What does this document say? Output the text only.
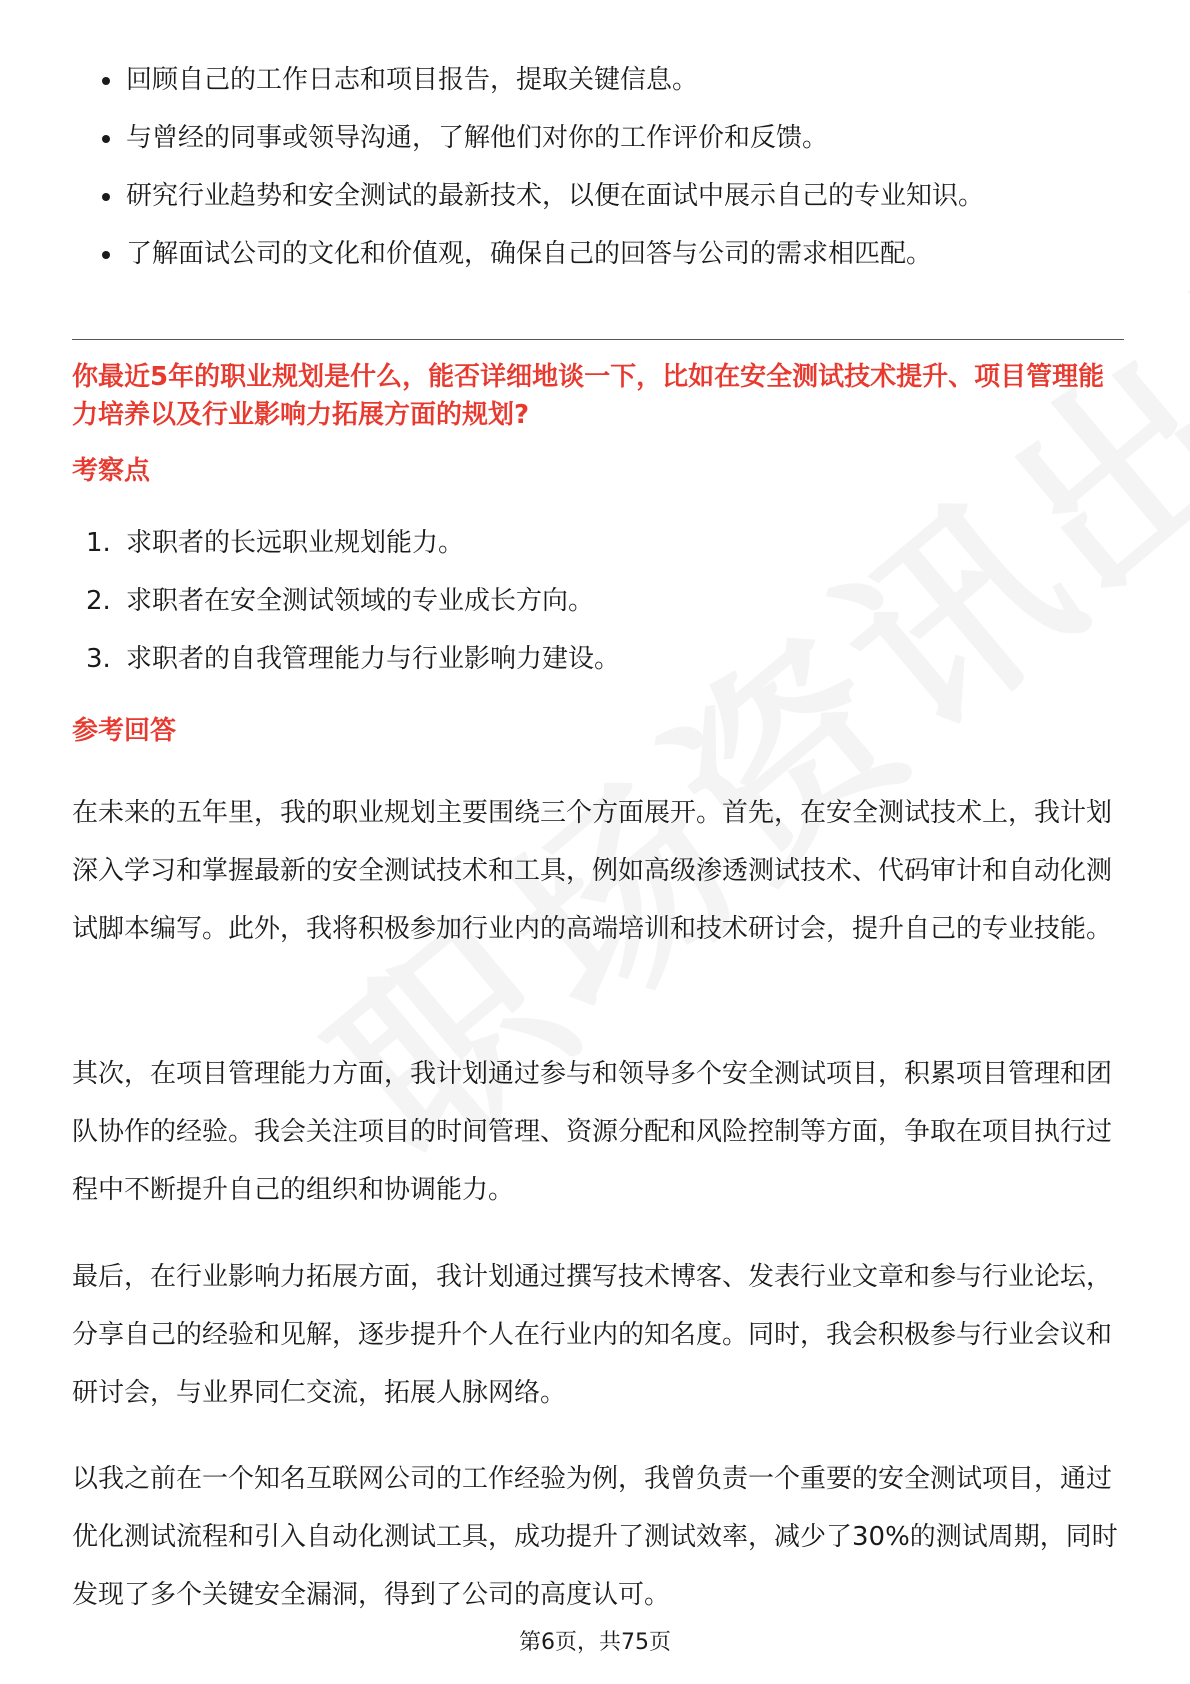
回顾自己的工作日志和项目报告，提取关键信息。
与曾经的同事或领导沟通，了解他们对你的工作评价和反馈。
研究行业趋势和安全测试的最新技术，以便在面试中展示自己的专业知识。
了解面试公司的文化和价值观，确保自己的回答与公司的需求相匹配。
你最近5年的职业规划是什么，能否详细地谈一下，比如在安全测试技术提升、项目管理能力培养以及行业影响力拓展方面的规划?
考察点
1. 求职者的长远职业规划能力。
2. 求职者在安全测试领域的专业成长方向。
3. 求职者的自我管理能力与行业影响力建设。
参考回答

在未来的五年里，我的职业规划主要围绕三个方面展开。首先，在安全测试技术上，我计划深入学习和掌握最新的安全测试技术和工具，例如高级渗透测试技术、代码审计和自动化测试脚本编写。此外，我将积极参加行业内的高端培训和技术研讨会，提升自己的专业技能。

其次，在项目管理能力方面，我计划通过参与和领导多个安全测试项目，积累项目管理和团队协作的经验。我会关注项目的时间管理、资源分配和风险控制等方面，争取在项目执行过程中不断提升自己的组织和协调能力。

最后，在行业影响力拓展方面，我计划通过撰写技术博客、发表行业文章和参与行业论坛，分享自己的经验和见解，逐步提升个人在行业内的知名度。同时，我会积极参与行业会议和研讨会，与业界同仁交流，拓展人脉网络。

以我之前在一个知名互联网公司的工作经验为例，我曾负责一个重要的安全测试项目，通过优化测试流程和引入自动化测试工具，成功提升了测试效率，减少了30%的测试周期，同时发现了多个关键安全漏洞，得到了公司的高度认可。

第6页，共75页
